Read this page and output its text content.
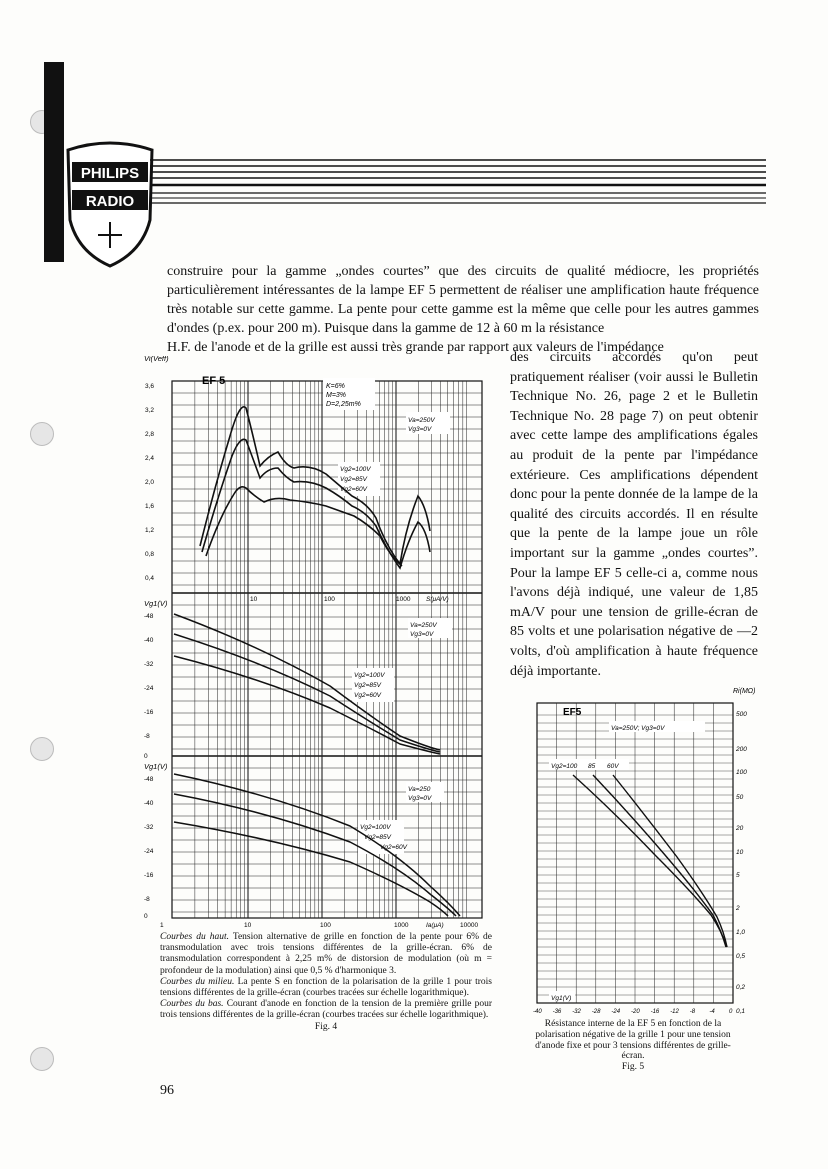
PHILIPS
RADIO
construire pour la gamme „ondes courtes” que des circuits de qualité médiocre, les propriétés particulièrement intéressantes de la lampe EF 5 permettent de réaliser une amplification haute fréquence très notable sur cette gamme. La pente pour cette gamme est la même que celle pour les autres gammes d'ondes (p.ex. pour 200 m). Puisque dans la gamme de 12 à 60 m la résistance
H.F. de l'anode et de la grille est aussi très grande par rapport aux valeurs de l'impédance
des circuits accordés qu'on peut pratiquement réaliser (voir aussi le Bulletin Technique No. 26, page 2 et le Bulletin Technique No. 28 page 7) on peut obtenir avec cette lampe des amplifications égales au produit de la pente par l'impédance extérieure. Ces amplifications dépendent donc pour la pente donnée de la lampe de la qualité des circuits accordés. Il en résulte que la pente de la lampe joue un rôle important sur la gamme „ondes courtes”. Pour la lampe EF 5 celle-ci a, comme nous l'avons déjà indiqué, une valeur de 1,85 mA/V pour une tension de grille-écran de 85 volts et une polarisation négative de —2 volts, d'où amplification à haute fréquence déjà importante.
Vi(Veff)
EF 5
3,6
3,2
2,8
2,4
2,0
1,6
1,2
0,8
0,4
K=6%
M=3%
D=2,25m%
Va=250V
Vg3=0V
Vg2=100V
Vg2=85V
Vg2=60V
Vg1(V)
-48
-40
-32
-24
-16
-8
0
10	100	1000 S(μA/V)
Va=250V
Vg3=0V
Vg2=100V
Vg2=85V
Vg2=60V
Vg1(V)
-48
-40
-32
-24
-16
-8
0
1	10	100	1000	10000
Ia(μA)
Va=250
Vg3=0V
Vg2=100V
Vg2=85V
Vg2=60V
Courbes du haut. Tension alternative de grille en fonction de la pente pour 6% de transmodulation avec trois tensions différentes de la grille-écran. 6% de transmodulation correspondent à 2,25 m% de distorsion de modulation (où m = profondeur de la modulation) ainsi que 0,5 % d'harmonique 3.
Courbes du milieu. La pente S en fonction de la polarisation de la grille 1 pour trois tensions différentes de la grille-écran (courbes tracées sur échelle logarithmique).
Courbes du bas. Courant d'anode en fonction de la tension de la première grille pour trois tensions différentes de la grille-écran (courbes tracées sur échelle logarithmique).
Fig. 4
Ri(MΩ)
EF5
Va=250V; Vg3=0V
Vg2=100 85 60V
500
200
100
50
20
10
5
2
1,0
0,5
0,2
0,1
Vg1(V)
-40 -36 -32 -28 -24 -20 -16 -12 -8 -4 0
Résistance interne de la EF 5 en fonction de la polarisation négative de la grille 1 pour une tension d'anode fixe et pour 3 tensions différentes de grille-écran.
Fig. 5
96
